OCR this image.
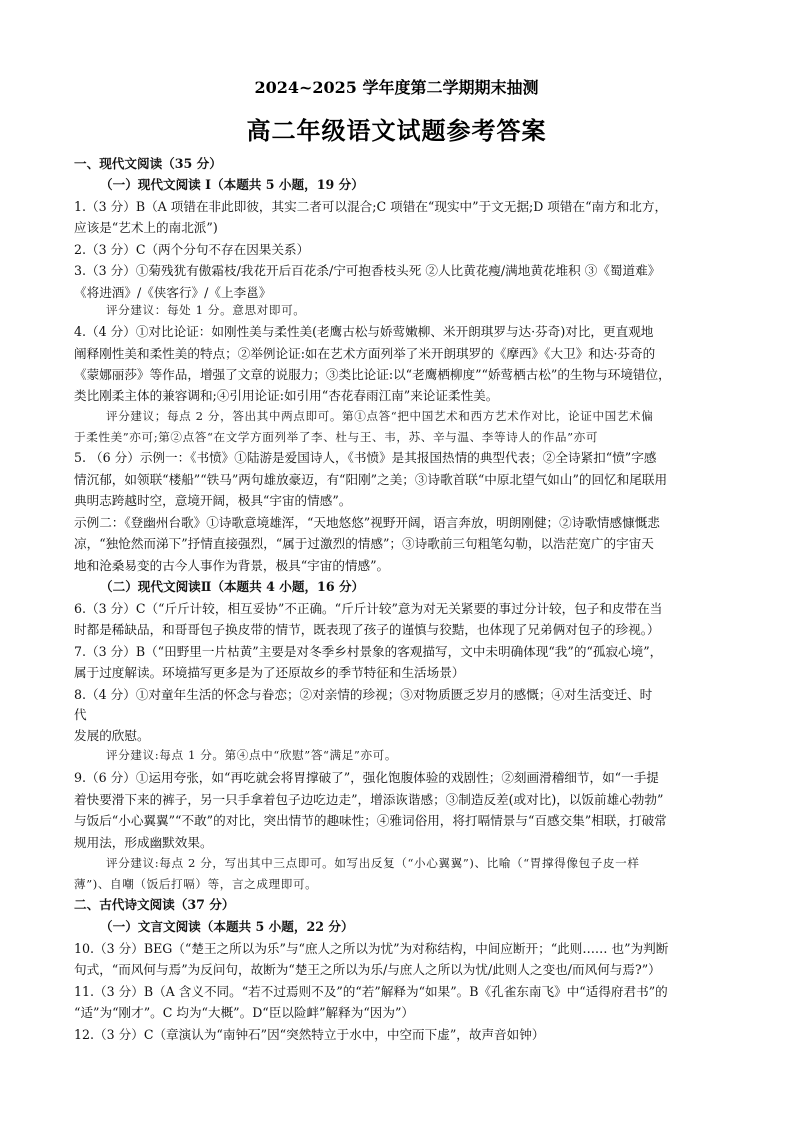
2024~2025 学年度第二学期期末抽测
高二年级语文试题参考答案
一、现代文阅读（35 分）
（一）现代文阅读 I（本题共 5 小题，19 分）
1.（3 分）B（A 项错在非此即彼，其实二者可以混合;C 项错在“现实中”于文无据;D 项错在“南方和北方，
应该是“艺术上的南北派”)
2.（3 分）C（两个分句不存在因果关系）
3.（3 分）①菊残犹有傲霜枝/我花开后百花杀/宁可抱香枝头死 ②人比黄花瘦/满地黄花堆积 ③《蜀道难》
《将进酒》/《侠客行》/《上李邕》
评分建议：每处 1 分。意思对即可。
4.（4 分）①对比论证：如刚性美与柔性美(老鹰古松与娇莺嫩柳、米开朗琪罗与达·芬奇)对比，更直观地
阐释刚性美和柔性美的特点；②举例论证:如在艺术方面列举了米开朗琪罗的《摩西》《大卫》和达·芬奇的
《蒙娜丽莎》等作品，增强了文章的说服力；③类比论证:以“老鹰栖柳度”“娇莺栖古松”的生物与环境错位，
类比刚柔主体的兼容调和;④引用论证:如引用“杏花春雨江南”来论证柔性美。
评分建议；每点 2 分，答出其中两点即可。第①点答“把中国艺术和西方艺术作对比，论证中国艺术偏
于柔性美”亦可;第②点答“在文学方面列举了李、杜与王、韦，苏、辛与温、李等诗人的作品”亦可
5. （6 分）示例一：《书愤》①陆游是爱国诗人，《书愤》是其报国热情的典型代表；②全诗紧扣“愤”字感
情沉郁，如领联“楼船”“铁马”两句雄放豪迈，有“阳刚”之美；③诗歌首联“中原北望气如山”的回忆和尾联用
典明志跨越时空，意境开阔，极具“宇宙的情感”。
示例二：《登幽州台歌》①诗歌意境雄浑，“天地悠悠”视野开阔，语言奔放，明朗刚健；②诗歌情感慷慨悲
凉，“独怆然而涕下”抒情直接强烈，“属于过激烈的情感”；③诗歌前三句粗笔勾勒，以浩茫宽广的宇宙天
地和沧桑易变的古今人事作为背景，极具“宇宙的情感”。
（二）现代文阅读Ⅱ（本题共 4 小题，16 分）
6.（3 分）C（“斤斤计较，相互妥协”不正确。“斤斤计较”意为对无关紧要的事过分计较，包子和皮带在当
时都是稀缺品，和哥哥包子换皮带的情节，既表现了孩子的谨慎与狡黠，也体现了兄弟俩对包子的珍视。）
7.（3 分）B（“田野里一片枯黄”主要是对冬季乡村景象的客观描写，文中未明确体现“我”的“孤寂心境”，
属于过度解读。环境描写更多是为了还原故乡的季节特征和生活场景）
8.（4 分）①对童年生活的怀念与眷恋；②对亲情的珍视；③对物质匮乏岁月的感慨；④对生活变迁、时
代
发展的欣慰。
评分建议:每点 1 分。第④点中“欣慰”答“满足”亦可。
9.（6 分）①运用夸张，如“再吃就会将胃撑破了”，强化饱腹体验的戏剧性；②刻画滑稽细节，如“一手提
着快要滑下来的裤子，另一只手拿着包子边吃边走”，增添诙谐感；③制造反差(或对比)，以饭前雄心勃勃”
与饭后“小心翼翼”“不敢”的对比，突出情节的趣味性；④雅词俗用，将打嗝情景与“百感交集”相联，打破常
规用法，形成幽默效果。
评分建议:每点 2 分，写出其中三点即可。如写出反复（“小心翼翼”)、比喻（“胃撑得像包子皮一样
薄”)、自嘲（饭后打嗝）等，言之成理即可。
二、古代诗文阅读（37 分）
（一）文言文阅读（本题共 5 小题，22 分）
10.（3 分）BEG（“楚王之所以为乐”与“庶人之所以为忧”为对称结构，中间应断开；“此则…… 也”为判断
句式，“而风何与焉”为反问句，故断为“楚王之所以为乐/与庶人之所以为忧/此则人之变也/而风何与焉?”）
11.（3 分）B（A 含义不同。“若不过焉则不及”的“若”解释为“如果”。B《孔雀东南飞》中“适得府君书”的
“适”为“刚才”。C 均为“大概”。D“臣以险衅”解释为“因为”）
12.（3 分）C（章演认为“南钟石”因“突然特立于水中，中空而下虚”，故声音如钟）
